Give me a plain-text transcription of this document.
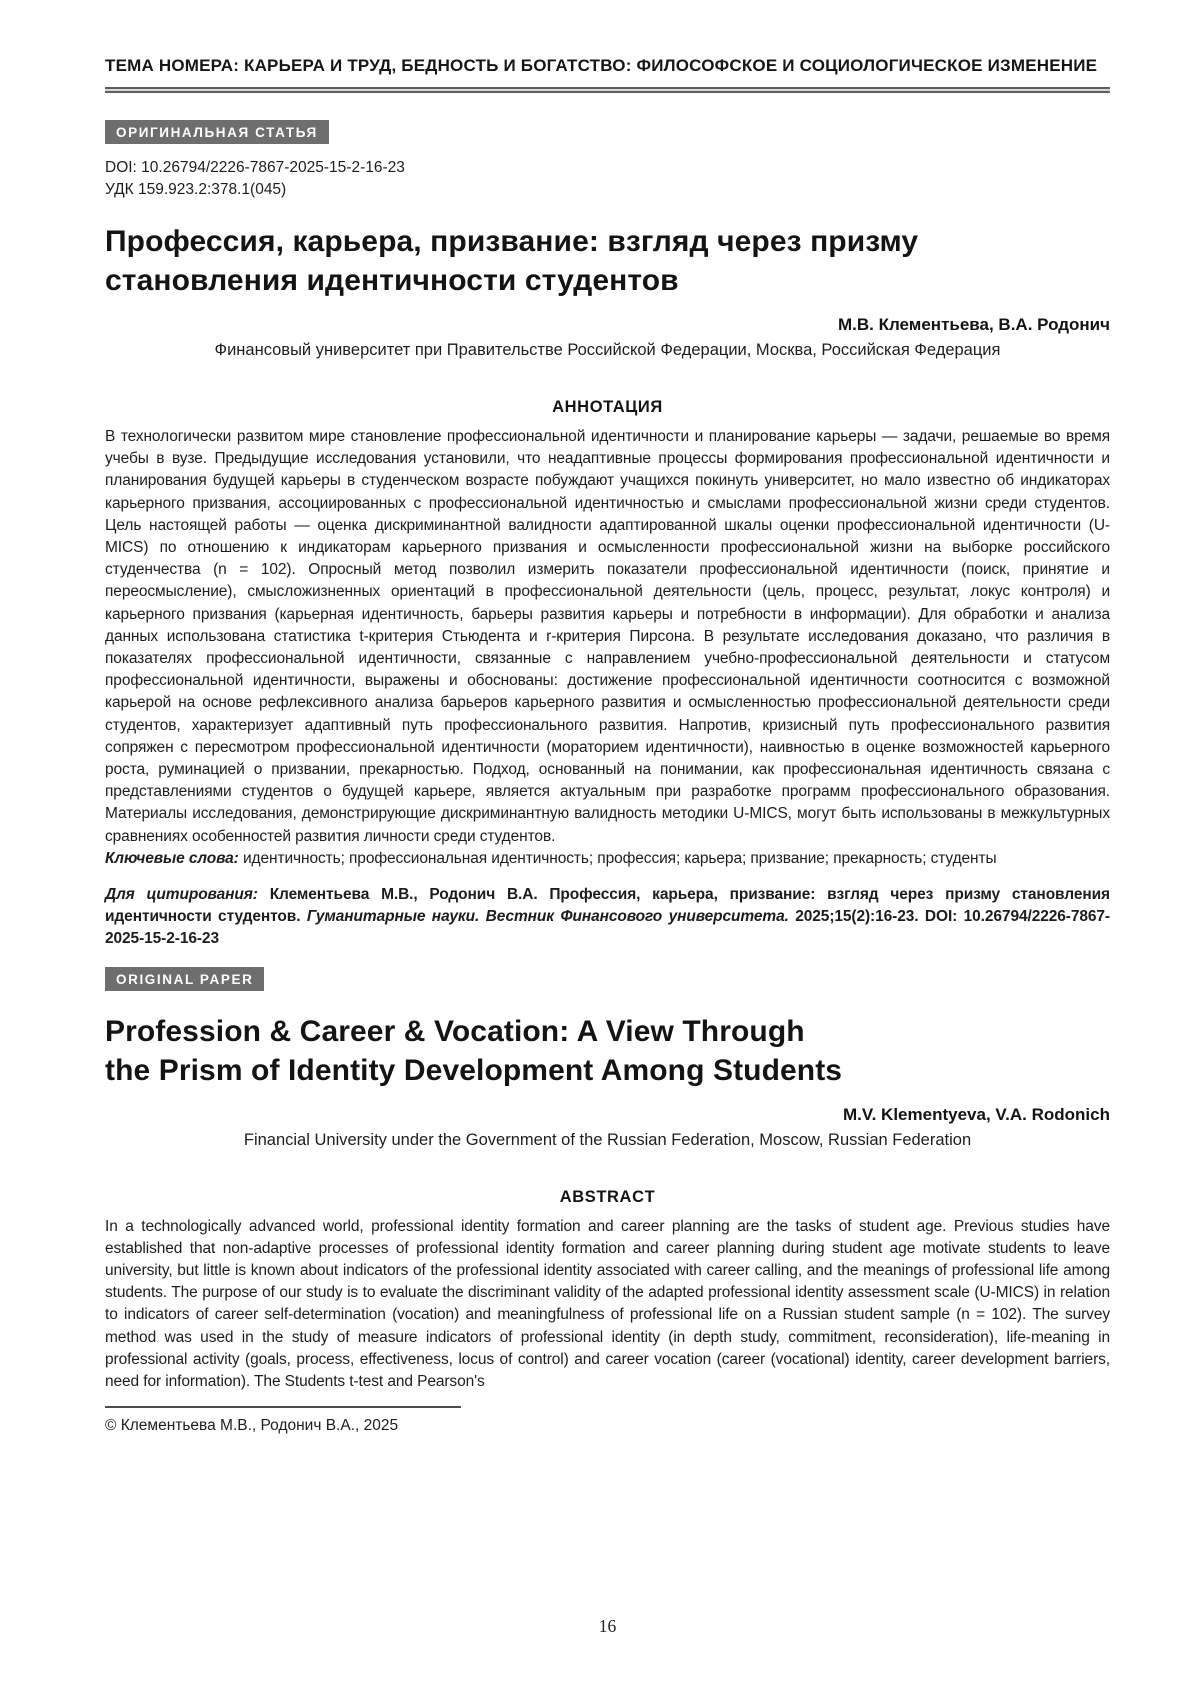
ТЕМА НОМЕРА: КАРЬЕРА И ТРУД, БЕДНОСТЬ И БОГАТСТВО: ФИЛОСОФСКОЕ И СОЦИОЛОГИЧЕСКОЕ ИЗМЕНЕНИЕ
ОРИГИНАЛЬНАЯ СТАТЬЯ
DOI: 10.26794/2226-7867-2025-15-2-16-23
УДК 159.923.2:378.1(045)
Профессия, карьера, призвание: взгляд через призму
становления идентичности студентов
М.В. Клементьева, В.А. Родонич
Финансовый университет при Правительстве Российской Федерации, Москва, Российская Федерация
АННОТАЦИЯ

В технологически развитом мире становление профессиональной идентичности и планирование карьеры — задачи, решаемые во время учебы в вузе. Предыдущие исследования установили, что неадаптивные процессы формирования профессиональной идентичности и планирования будущей карьеры в студенческом возрасте побуждают учащихся покинуть университет, но мало известно об индикаторах карьерного призвания, ассоциированных с профессиональной идентичностью и смыслами профессиональной жизни среди студентов. Цель настоящей работы — оценка дискриминантной валидности адаптированной шкалы оценки профессиональной идентичности (U-MICS) по отношению к индикаторам карьерного призвания и осмысленности профессиональной жизни на выборке российского студенчества (n = 102). Опросный метод позволил измерить показатели профессиональной идентичности (поиск, принятие и переосмысление), смысложизненных ориентаций в профессиональной деятельности (цель, процесс, результат, локус контроля) и карьерного призвания (карьерная идентичность, барьеры развития карьеры и потребности в информации). Для обработки и анализа данных использована статистика t-критерия Стьюдента и r-критерия Пирсона. В результате исследования доказано, что различия в показателях профессиональной идентичности, связанные с направлением учебно-профессиональной деятельности и статусом профессиональной идентичности, выражены и обоснованы: достижение профессиональной идентичности соотносится с возможной карьерой на основе рефлексивного анализа барьеров карьерного развития и осмысленностью профессиональной деятельности среди студентов, характеризует адаптивный путь профессионального развития. Напротив, кризисный путь профессионального развития сопряжен с пересмотром профессиональной идентичности (мораторием идентичности), наивностью в оценке возможностей карьерного роста, руминацией о призвании, прекарностью. Подход, основанный на понимании, как профессиональная идентичность связана с представлениями студентов о будущей карьере, является актуальным при разработке программ профессионального образования. Материалы исследования, демонстрирующие дискриминантную валидность методики U-MICS, могут быть использованы в межкультурных сравнениях особенностей развития личности среди студентов.

Ключевые слова: идентичность; профессиональная идентичность; профессия; карьера; призвание; прекарность; студенты

Для цитирования: Клементьева М.В., Родонич В.А. Профессия, карьера, призвание: взгляд через призму становления идентичности студентов. Гуманитарные науки. Вестник Финансового университета. 2025;15(2):16-23. DOI: 10.26794/2226-7867-2025-15-2-16-23

ORIGINAL PAPER
Profession & Career & Vocation: A View Through
the Prism of Identity Development Among Students
M.V. Klementyeva, V.A. Rodonich
Financial University under the Government of the Russian Federation, Moscow, Russian Federation
ABSTRACT

In a technologically advanced world, professional identity formation and career planning are the tasks of student age. Previous studies have established that non-adaptive processes of professional identity formation and career planning during student age motivate students to leave university, but little is known about indicators of the professional identity associated with career calling, and the meanings of professional life among students. The purpose of our study is to evaluate the discriminant validity of the adapted professional identity assessment scale (U-MICS) in relation to indicators of career self-determination (vocation) and meaningfulness of professional life on a Russian student sample (n = 102). The survey method was used in the study of measure indicators of professional identity (in depth study, commitment, reconsideration), life-meaning in professional activity (goals, process, effectiveness, locus of control) and career vocation (career (vocational) identity, career development barriers, need for information). The Students t-test and Pearson's

© Клементьева М.В., Родонич В.А., 2025
16
